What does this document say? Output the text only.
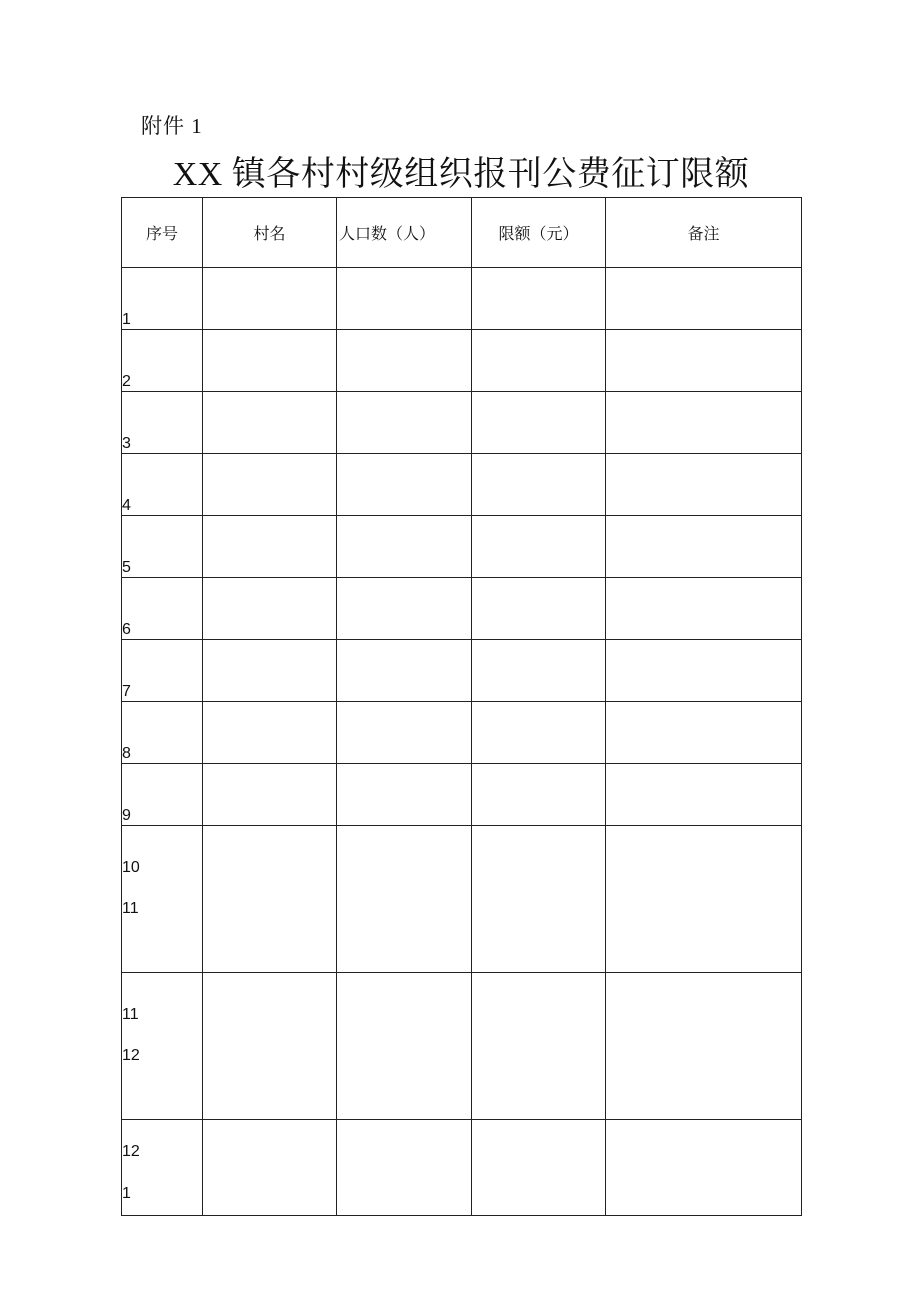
附件 1
XX 镇各村村级组织报刊公费征订限额
序号	村名	人口数（人）	限额（元）	备注
1				
2				
3				
4				
5				
6				
7				
8				
9				

10
11				

11
12				

12
1				
